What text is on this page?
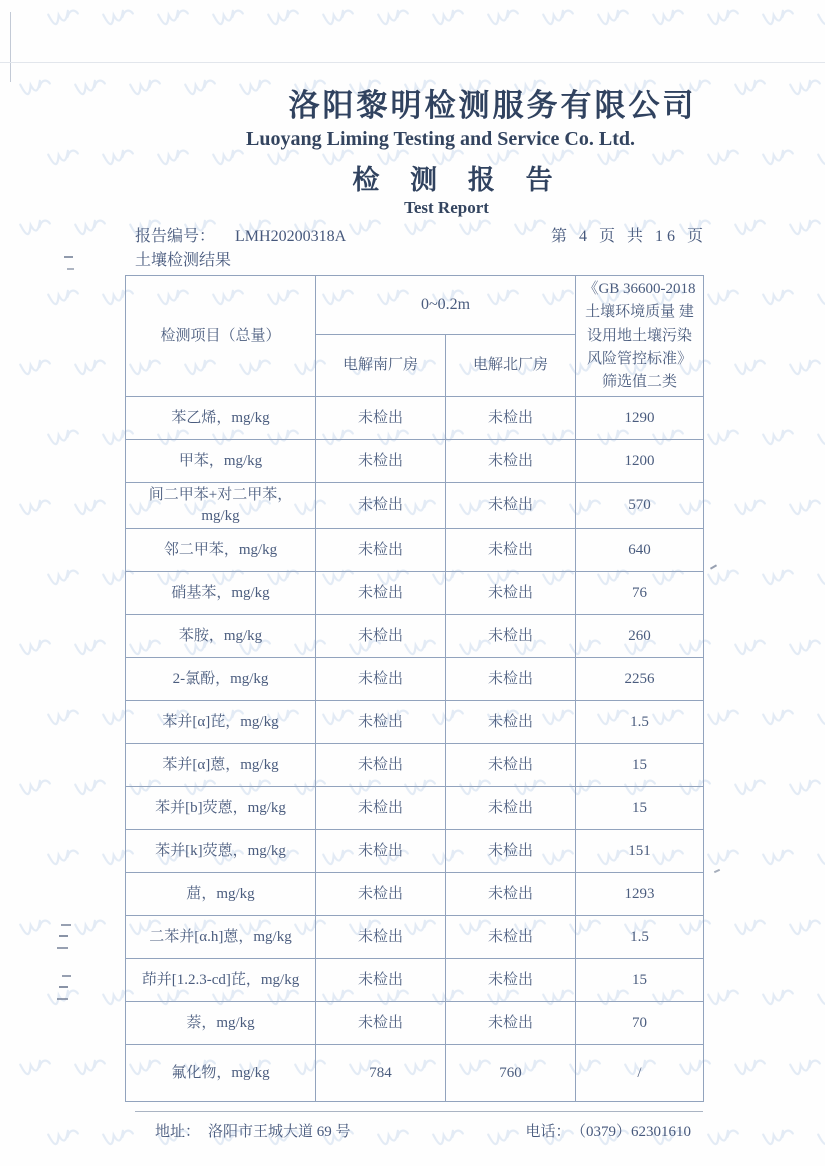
洛阳黎明检测服务有限公司
Luoyang Liming Testing and Service Co. Ltd.
检 测 报 告
Test Report
报告编号： LMH20200318A	第 4 页 共 16 页
土壤检测结果
检测项目（总量）	0~0.2m		《GB 36600-2018 土壤环境质量 建设用地土壤污染风险管控标准》筛选值二类
	电解南厂房	电解北厂房	
苯乙烯，mg/kg	未检出	未检出	1290
甲苯，mg/kg	未检出	未检出	1200
间二甲苯+对二甲苯，mg/kg	未检出	未检出	570
邻二甲苯，mg/kg	未检出	未检出	640
硝基苯，mg/kg	未检出	未检出	76
苯胺，mg/kg	未检出	未检出	260
2-氯酚，mg/kg	未检出	未检出	2256
苯并[α]芘，mg/kg	未检出	未检出	1.5
苯并[α]蒽，mg/kg	未检出	未检出	15
苯并[b]荧蒽，mg/kg	未检出	未检出	15
苯并[k]荧蒽，mg/kg	未检出	未检出	151
䓛，mg/kg	未检出	未检出	1293
二苯并[α.h]蒽，mg/kg	未检出	未检出	1.5
茚并[1.2.3-cd]芘，mg/kg	未检出	未检出	15
萘，mg/kg	未检出	未检出	70
氟化物，mg/kg	784	760	/
地址： 洛阳市王城大道 69 号	电话： （0379）62301610
